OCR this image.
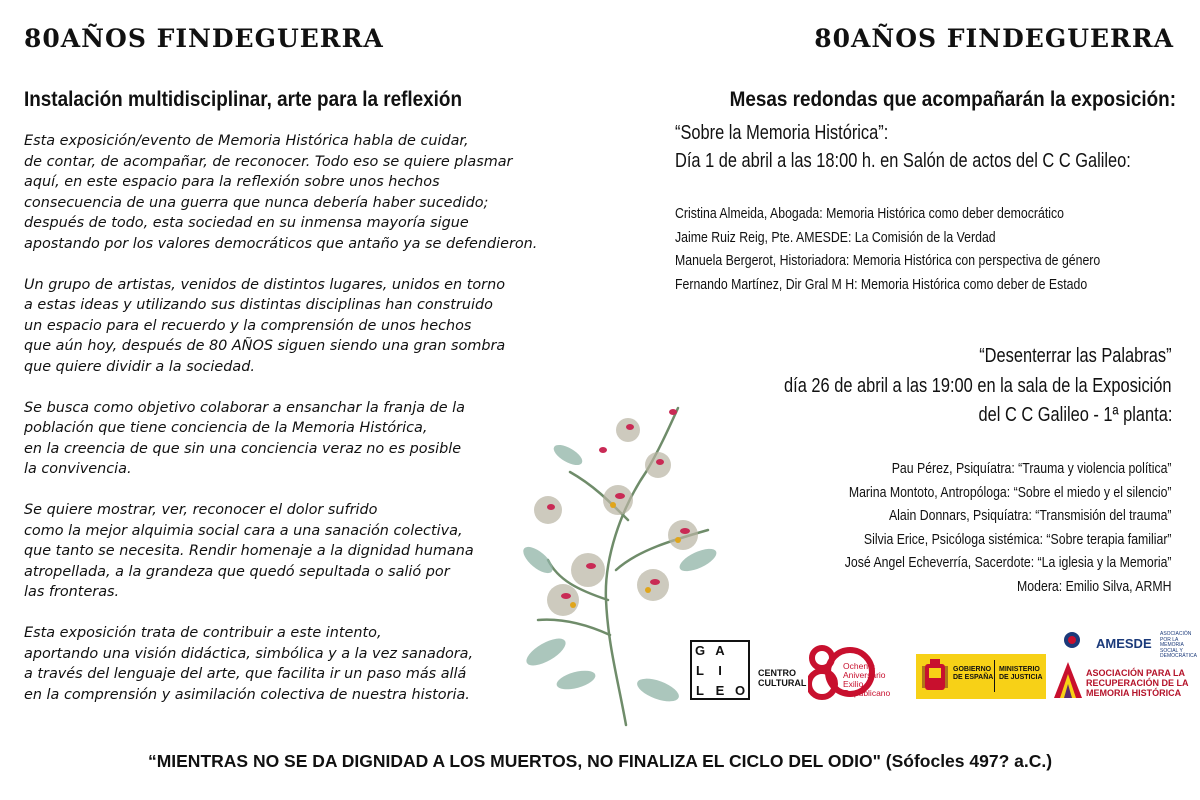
80AÑOS FINDEGUERRA	80AÑOS FINDEGUERRA
Instalación multidisciplinar, arte para la reflexión	Mesas redondas que acompañarán la exposición:

Esta exposición/evento de Memoria Histórica habla de cuidar,
de contar, de acompañar, de reconocer. Todo eso se quiere plasmar
aquí, en este espacio para la reflexión sobre unos hechos
consecuencia de una guerra que nunca debería haber sucedido;
después de todo, esta sociedad en su inmensa mayoría sigue
apostando por los valores democráticos que antaño ya se defendieron.

Un grupo de artistas, venidos de distintos lugares, unidos en torno
a estas ideas y utilizando sus distintas disciplinas han construido
un espacio para el recuerdo y la comprensión de unos hechos
que aún hoy, después de 80 AÑOS siguen siendo una gran sombra
que quiere dividir a la sociedad.

Se busca como objetivo colaborar a ensanchar la franja de la
población que tiene conciencia de la Memoria Histórica,
en la creencia de que sin una conciencia veraz no es posible
la convivencia.

Se quiere mostrar, ver, reconocer el dolor sufrido
como la mejor alquimia social cara a una sanación colectiva,
que tanto se necesita. Rendir homenaje a la dignidad humana
atropellada, a la grandeza que quedó sepultada o salió por
las fronteras.

Esta exposición trata de contribuir a este intento,
aportando una visión didáctica, simbólica y a la vez sanadora,
a través del lenguaje del arte, que facilita ir un paso más allá
en la comprensión y asimilación colectiva de nuestra historia.

“Sobre la Memoria Histórica”:
Día 1 de abril a las 18:00 h. en Salón de actos del C C Galileo:
Cristina Almeida, Abogada: Memoria Histórica como deber democrático
Jaime Ruiz Reig, Pte. AMESDE: La Comisión de la Verdad
Manuela Bergerot, Historiadora: Memoria Histórica con perspectiva de género
Fernando Martínez, Dir Gral M H: Memoria Histórica como deber de Estado
“Desenterrar las Palabras”
día 26 de abril a las 19:00 en la sala de la Exposición
del C C Galileo - 1ª planta:
Pau Pérez, Psiquíatra: “Trauma y violencia política”
Marina Montoto, Antropóloga: “Sobre el miedo y el silencio”
Alain Donnars, Psiquíatra: “Transmisión del trauma”
Silvia Erice, Psicóloga sistémica: “Sobre terapia familiar”
José Angel Echeverría, Sacerdote: “La iglesia y la Memoria”
Modera: Emilio Silva, ARMH
G A
L	I
L E O
CENTRO
CULTURAL
Ochenta
Aniversario
Exilio
Republicano
GOBIERNO
DE ESPAÑA
MINISTERIO
DE JUSTICIA
AMESDE
ASOCIACIÓN POR LA MEMORIA SOCIAL Y DEMOCRÁTICA
ASOCIACIÓN PARA LA
RECUPERACIÓN DE LA
MEMORIA HISTÓRICA
“MIENTRAS NO SE DA DIGNIDAD A LOS MUERTOS, NO FINALIZA EL CICLO DEL ODIO" (Sófocles 497? a.C.)
